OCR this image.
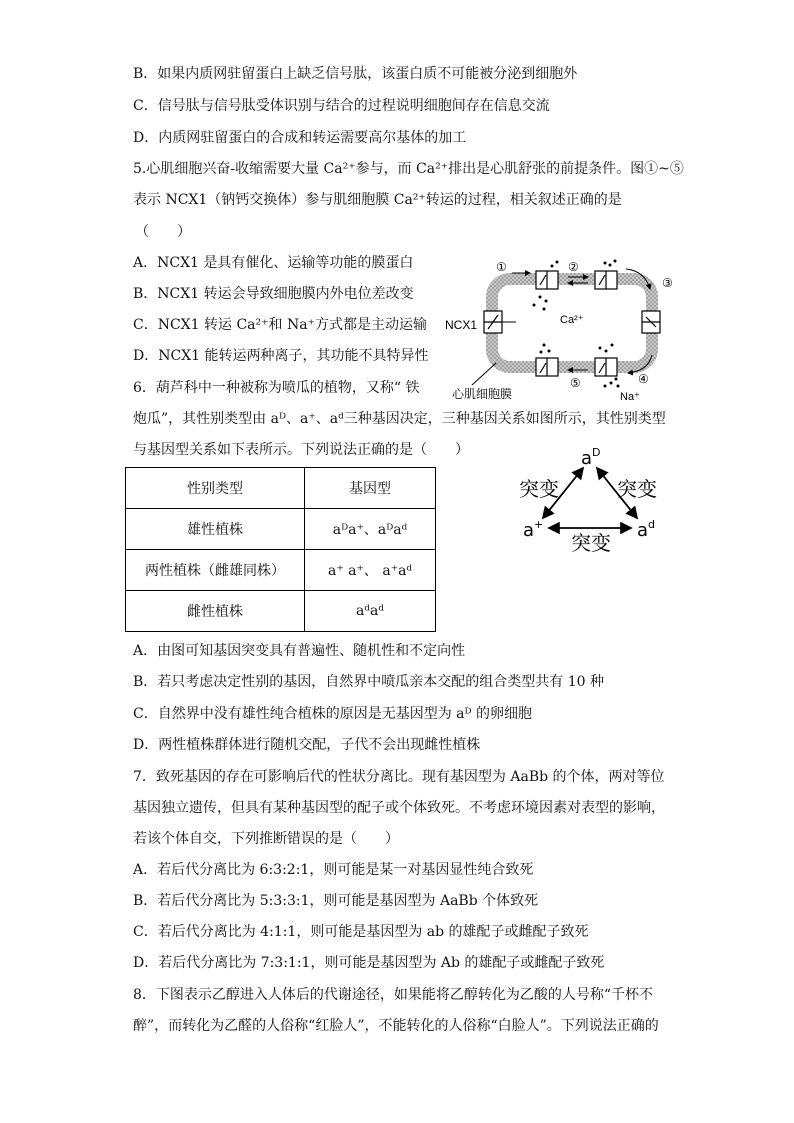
B．如果内质网驻留蛋白上缺乏信号肽，该蛋白质不可能被分泌到细胞外
C．信号肽与信号肽受体识别与结合的过程说明细胞间存在信息交流
D．内质网驻留蛋白的合成和转运需要高尔基体的加工
5.心肌细胞兴奋-收缩需要大量 Ca²⁺参与，而 Ca²⁺排出是心肌舒张的前提条件。图①~⑤
表示 NCX1（钠钙交换体）参与肌细胞膜 Ca²⁺转运的过程，相关叙述正确的是
（　　）
A．NCX1 是具有催化、运输等功能的膜蛋白
B．NCX1 转运会导致细胞膜内外电位差改变
C．NCX1 转运 Ca²⁺和 Na⁺方式都是主动运输
D．NCX1 能转运两种离子，其功能不具特异性
①	②
③
④
⑤
NCX1	Ca²⁺
Na⁺
心肌细胞膜
6．葫芦科中一种被称为喷瓜的植物，又称“ 铁
炮瓜”，其性别类型由 aᴰ、a⁺、aᵈ三种基因决定，三种基因关系如图所示，其性别类型
与基因型关系如下表所示。下列说法正确的是（　　）
性别类型	基因型
雄性植株	aᴰa⁺、aᴰaᵈ
两性植株（雌雄同株）	a⁺ a⁺、 a⁺aᵈ
雌性植株	aᵈaᵈ
$a^D$
a+	$a^d$
突变	突变
突变
A．由图可知基因突变具有普遍性、随机性和不定向性
B．若只考虑决定性别的基因，自然界中喷瓜亲本交配的组合类型共有 10 种
C．自然界中没有雄性纯合植株的原因是无基因型为 aᴰ 的卵细胞
D．两性植株群体进行随机交配，子代不会出现雌性植株
7．致死基因的存在可影响后代的性状分离比。现有基因型为 AaBb 的个体，两对等位
基因独立遗传，但具有某种基因型的配子或个体致死。不考虑环境因素对表型的影响，
若该个体自交，下列推断错误的是（　　）
A．若后代分离比为 6:3:2:1，则可能是某一对基因显性纯合致死
B．若后代分离比为 5:3:3:1，则可能是基因型为 AaBb 个体致死
C．若后代分离比为 4:1:1，则可能是基因型为 ab 的雄配子或雌配子致死
D．若后代分离比为 7:3:1:1，则可能是基因型为 Ab 的雄配子或雌配子致死
8．下图表示乙醇进入人体后的代谢途径，如果能将乙醇转化为乙酸的人号称“千杯不
醉”，而转化为乙醛的人俗称“红脸人”，不能转化的人俗称“白脸人”。下列说法正确的
